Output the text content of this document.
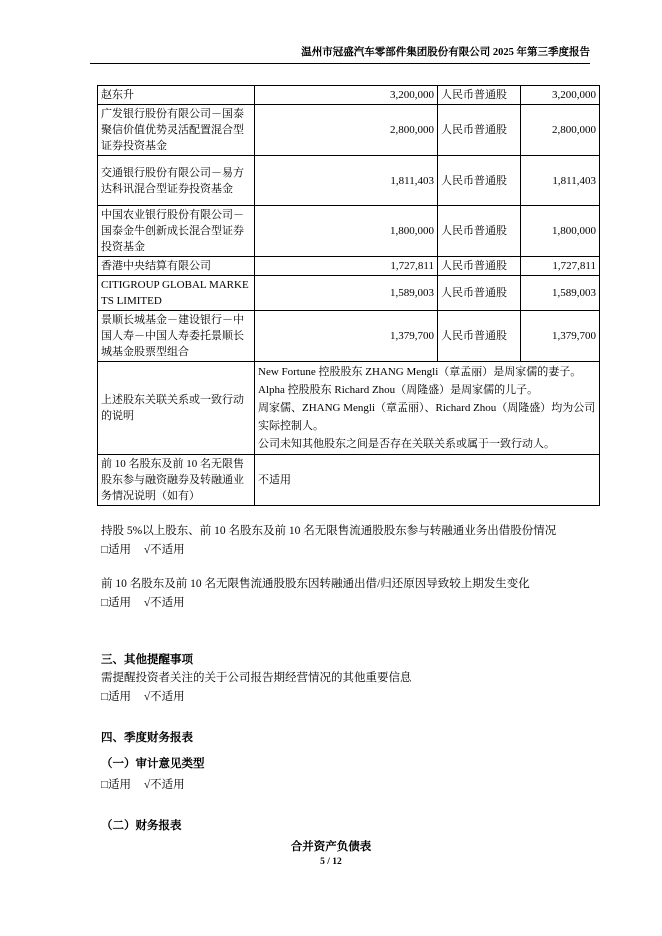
温州市冠盛汽车零部件集团股份有限公司 2025 年第三季度报告
赵东升	3,200,000	人民币普通股	3,200,000
广发银行股份有限公司－国泰聚信价值优势灵活配置混合型证券投资基金	2,800,000	人民币普通股	2,800,000
交通银行股份有限公司－易方达科讯混合型证券投资基金	1,811,403	人民币普通股	1,811,403
中国农业银行股份有限公司－国泰金牛创新成长混合型证券投资基金	1,800,000	人民币普通股	1,800,000
香港中央结算有限公司	1,727,811	人民币普通股	1,727,811
CITIGROUP GLOBAL MARKETS LIMITED	1,589,003	人民币普通股	1,589,003
景顺长城基金－建设银行－中国人寿－中国人寿委托景顺长城基金股票型组合	1,379,700	人民币普通股	1,379,700
上述股东关联关系或一致行动的说明	New Fortune 控股股东 ZHANG Mengli（章孟丽）是周家儒的妻子。
Alpha 控股股东 Richard Zhou（周隆盛）是周家儒的儿子。
周家儒、ZHANG Mengli（章孟丽）、Richard Zhou（周隆盛）均为公司实际控制人。
公司未知其他股东之间是否存在关联关系或属于一致行动人。		

前 10 名股东及前 10 名无限售股东参与融资融券及转融通业务情况说明（如有）	不适用		
持股 5%以上股东、前 10 名股东及前 10 名无限售流通股股东参与转融通业务出借股份情况
□适用 √不适用
前 10 名股东及前 10 名无限售流通股股东因转融通出借/归还原因导致较上期发生变化
□适用 √不适用
三、其他提醒事项
需提醒投资者关注的关于公司报告期经营情况的其他重要信息
□适用 √不适用
四、季度财务报表
（一）审计意见类型
□适用 √不适用
（二）财务报表
合并资产负债表
5 / 12
